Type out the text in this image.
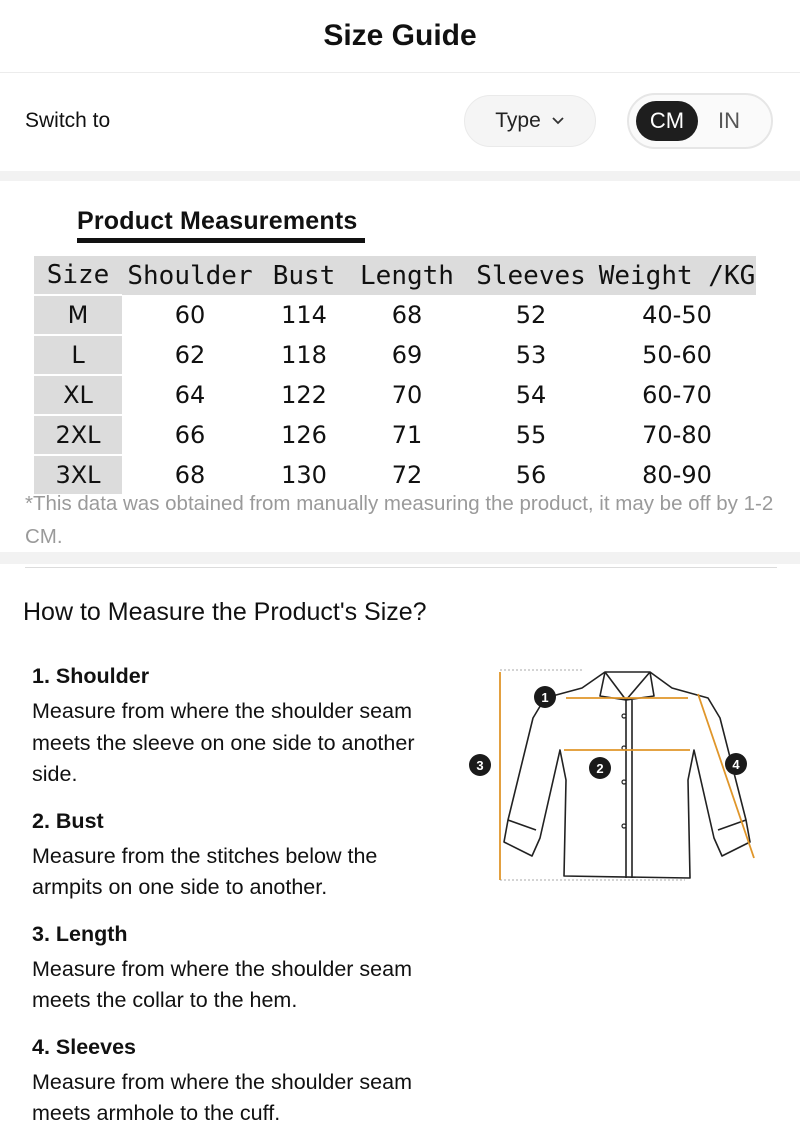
Size Guide
Switch to	Type	CM	IN
Product Measurements
Size	Shoulder	Bust	Length	Sleeves	Weight /KG
M	60	114	68	52	40-50
L	62	118	69	53	50-60
XL	64	122	70	54	60-70
2XL	66	126	71	55	70-80
3XL	68	130	72	56	80-90
*This data was obtained from manually measuring the product, it may be off by 1-2 CM.
How to Measure the Product's Size?

1. Shoulder

Measure from where the shoulder seam meets the sleeve on one side to another side.

2. Bust

Measure from the stitches below the armpits on one side to another.

3. Length

Measure from where the shoulder seam meets the collar to the hem.

4. Sleeves

Measure from where the shoulder seam meets armhole to the cuff.

1
2
3	4
